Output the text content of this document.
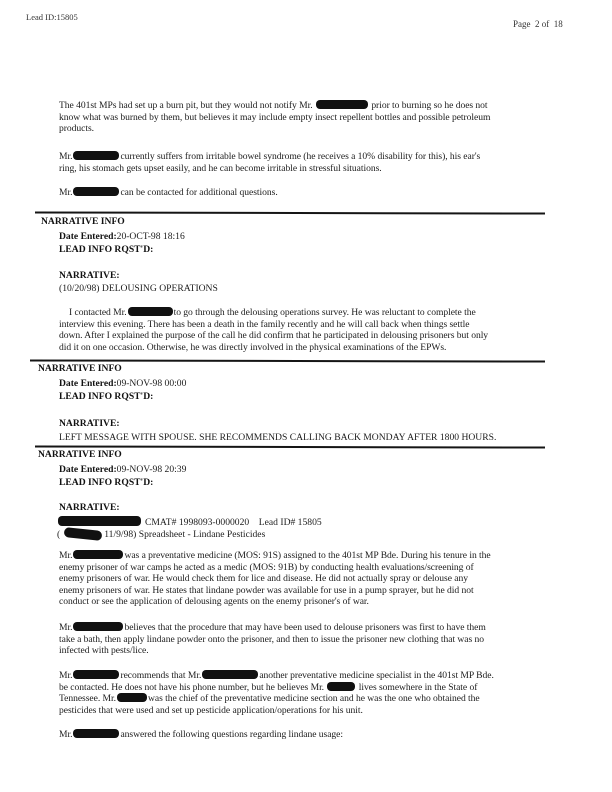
Lead ID:15805
Page 2 of 18
The 401st MPs had set up a burn pit, but they would not notify Mr.	prior to burning so he does not
know what was burned by them, but believes it may include empty insect repellent bottles and possible petroleum
products.
Mr.	currently suffers from irritable bowel syndrome (he receives a 10% disability for this), his ear's
ring, his stomach gets upset easily, and he can become irritable in stressful situations.
Mr.	can be contacted for additional questions.
NARRATIVE INFO
Date Entered:20-OCT-98 18:16
LEAD INFO RQST'D:
NARRATIVE:
(10/20/98) DELOUSING OPERATIONS
I contacted Mr.	to go through the delousing operations survey. He was reluctant to complete the
interview this evening. There has been a death in the family recently and he will call back when things settle
down. After I explained the purpose of the call he did confirm that he participated in delousing prisoners but only
did it on one occasion. Otherwise, he was directly involved in the physical examinations of the EPWs.
NARRATIVE INFO
Date Entered:09-NOV-98 00:00
LEAD INFO RQST'D:
NARRATIVE:
LEFT MESSAGE WITH SPOUSE. SHE RECOMMENDS CALLING BACK MONDAY AFTER 1800 HOURS.
NARRATIVE INFO
Date Entered:09-NOV-98 20:39
LEAD INFO RQST'D:
NARRATIVE:
CMAT# 1998093-0000020 Lead ID# 15805
(	11/9/98) Spreadsheet - Lindane Pesticides
Mr.	was a preventative medicine (MOS: 91S) assigned to the 401st MP Bde. During his tenure in the
enemy prisoner of war camps he acted as a medic (MOS: 91B) by conducting health evaluations/screening of
enemy prisoners of war. He would check them for lice and disease. He did not actually spray or delouse any
enemy prisoners of war. He states that lindane powder was available for use in a pump sprayer, but he did not
conduct or see the application of delousing agents on the enemy prisoner's of war.
Mr.	believes that the procedure that may have been used to delouse prisoners was first to have them
take a bath, then apply lindane powder onto the prisoner, and then to issue the prisoner new clothing that was no
infected with pests/lice.
Mr.	recommends that Mr.	another preventative medicine specialist in the 401st MP Bde.
be contacted. He does not have his phone number, but he believes Mr.	lives somewhere in the State of
Tennessee. Mr.	was the chief of the preventative medicine section and he was the one who obtained the
pesticides that were used and set up pesticide application/operations for his unit.
Mr.	answered the following questions regarding lindane usage:
